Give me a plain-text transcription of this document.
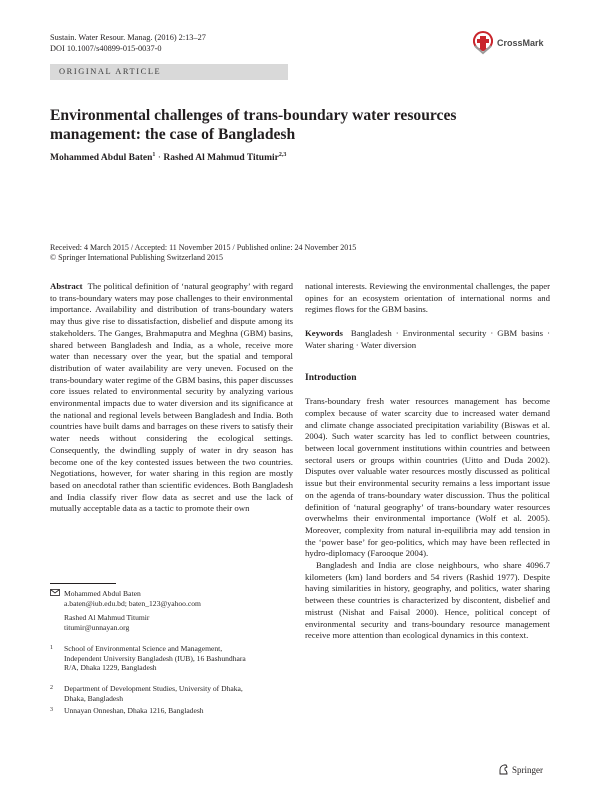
Sustain. Water Resour. Manag. (2016) 2:13–27
DOI 10.1007/s40899-015-0037-0	CrossMark
ORIGINAL ARTICLE
Environmental challenges of trans-boundary water resources
management: the case of Bangladesh
Mohammed Abdul Baten$^1$ · Rashed Al Mahmud Titumir$^{2,3}$
Received: 4 March 2015 / Accepted: 11 November 2015 / Published online: 24 November 2015
© Springer International Publishing Switzerland 2015

Abstract The political definition of ‘natural geography’ with regard to trans-boundary waters may pose challenges to their environmental importance. Availability and distribution of trans-boundary waters may thus give rise to dissatisfaction, disbelief and dispute among its stakeholders. The Ganges, Brahmaputra and Meghna (GBM) basins, shared between Bangladesh and India, as a whole, receive more water than necessary over the year, but the spatial and temporal distribution of water availability are very uneven. Focused on the trans-boundary water regime of the GBM basins, this paper discusses core issues related to environmental security by analyzing various environmental impacts due to water diversion and its significance at the national and regional levels between Bangladesh and India. Both countries have built dams and barrages on these rivers to satisfy their water needs without considering the ecological settings. Consequently, the dwindling supply of water in dry season has become one of the key contested issues between the two countries. Negotiations, however, for water sharing in this region are mostly based on anecdotal rather than scientific evidences. Both Bangladesh and India classify river flow data as secret and use the lack of mutually acceptable data as a tactic to promote their own

national interests. Reviewing the environmental challenges, the paper opines for an ecosystem orientation of international norms and regimes flows for the GBM basins.

Keywords Bangladesh · Environmental security · GBM basins · Water sharing · Water diversion

Introduction

Trans-boundary fresh water resources management has become complex because of water scarcity due to increased water demand and climate change associated precipitation variability (Biswas et al. 2004). Such water scarcity has led to conflict between countries, between local government institutions within countries and between sectoral users or groups within countries (Uitto and Duda 2002). Disputes over valuable water resources mostly discussed as political issue but their environmental security remains a less important issue on the agenda of trans-boundary water discussion. Thus the political definition of ‘natural geography’ of trans-boundary water resources overwhelms their environmental importance (Wolf et al. 2005). Moreover, complexity from natural in-equilibria may add tension in the ‘power base’ for geo-politics, which may have been reflected in hydro-diplomacy (Farooque 2004).

Bangladesh and India are close neighbours, who share 4096.7 kilometers (km) land borders and 54 rivers (Rashid 1977). Despite having similarities in history, geography, and politics, water sharing between these countries is characterized by discontent, disbelief and mistrust (Nishat and Faisal 2000). Hence, political concept of environmental security and trans-boundary resource management receive more attention than ecological dynamics in this context.

Mohammed Abdul Baten
a.baten@iub.edu.bd; baten_123@yahoo.com
Rashed Al Mahmud Titumir
titumir@unnayan.org
1	School of Environmental Science and Management,
Independent University Bangladesh (IUB), 16 Bashundhara
R/A, Dhaka 1229, Bangladesh
2	Department of Development Studies, University of Dhaka,
Dhaka, Bangladesh
3	Unnayan Onneshan, Dhaka 1216, Bangladesh
Springer
